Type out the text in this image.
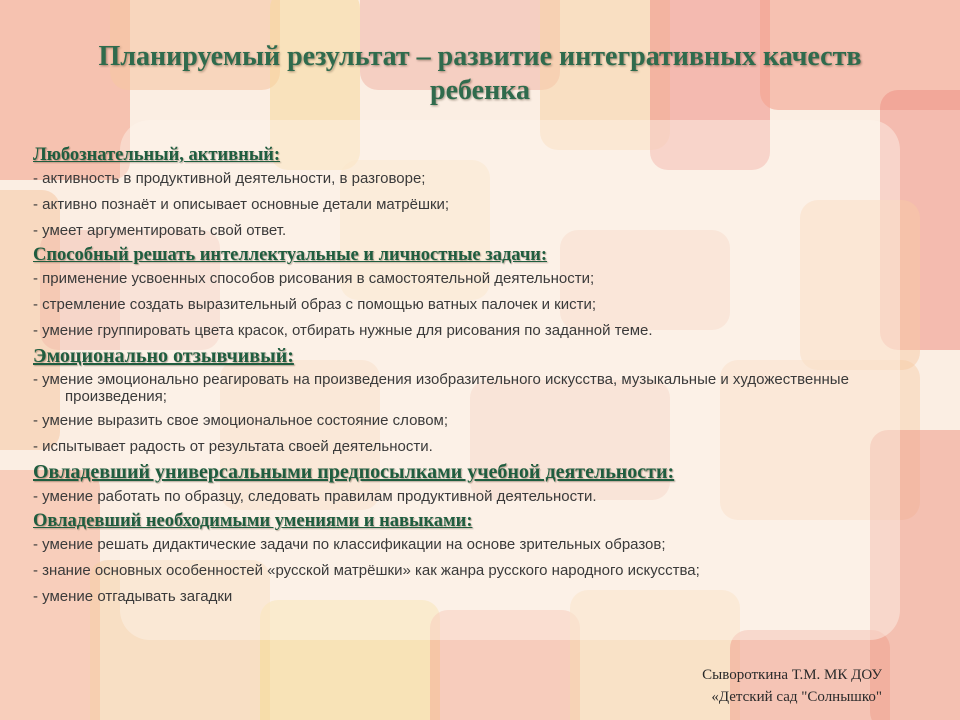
Планируемый результат – развитие интегративных качеств ребенка

Любознательный, активный:

- активность в продуктивной деятельности, в разговоре;

- активно познаёт и описывает основные детали матрёшки;

- умеет аргументировать свой ответ.

Способный решать интеллектуальные и личностные задачи:

- применение усвоенных способов рисования в самостоятельной деятельности;

- стремление создать выразительный образ с помощью ватных палочек и кисти;

- умение группировать цвета красок, отбирать нужные для рисования по заданной теме.

Эмоционально отзывчивый:

- умение эмоционально реагировать на произведения изобразительного искусства, музыкальные и художественные произведения;

- умение выразить свое эмоциональное состояние словом;

- испытывает радость от результата своей деятельности.

Овладевший универсальными предпосылками учебной деятельности:

- умение работать по образцу, следовать правилам продуктивной деятельности.

Овладевший необходимыми умениями и навыками:

- умение решать дидактические задачи по классификации на основе зрительных образов;

- знание основных особенностей «русской матрёшки» как жанра русского народного искусства;

- умение отгадывать загадки

Сывороткина Т.М. МК ДОУ
«Детский сад "Солнышко"
